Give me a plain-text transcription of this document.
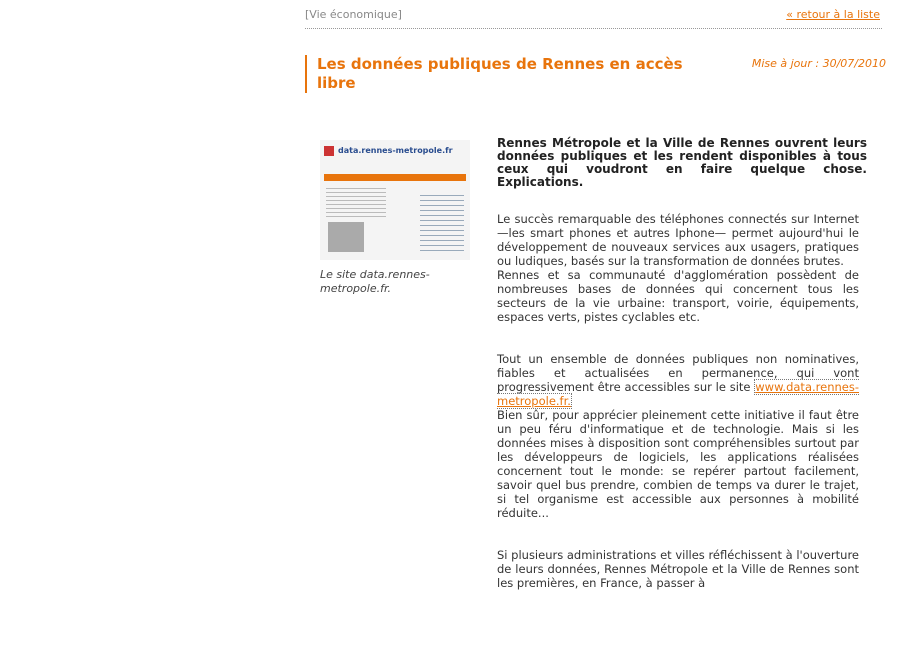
[Vie économique]	« retour à la liste
Les données publiques de Rennes en accès libre
Mise à jour : 30/07/2010
data.rennes-metropole.fr
Le site data.rennes-metropole.fr.

Rennes Métropole et la Ville de Rennes ouvrent leurs données publiques et les rendent disponibles à tous ceux qui voudront en faire quelque chose. Explications.

Le succès remarquable des téléphones connectés sur Internet —les smart phones et autres Iphone— permet aujourd'hui le développement de nouveaux services aux usagers, pratiques ou ludiques, basés sur la transformation de données brutes.
Rennes et sa communauté d'agglomération possèdent de nombreuses bases de données qui concernent tous les secteurs de la vie urbaine: transport, voirie, équipements, espaces verts, pistes cyclables etc.

Tout un ensemble de données publiques non nominatives, fiables et actualisées en permanence, qui vont progressivement être accessibles sur le site www.data.rennes-metropole.fr.
Bien sûr, pour apprécier pleinement cette initiative il faut être un peu féru d'informatique et de technologie. Mais si les données mises à disposition sont compréhensibles surtout par les développeurs de logiciels, les applications réalisées concernent tout le monde: se repérer partout facilement, savoir quel bus prendre, combien de temps va durer le trajet, si tel organisme est accessible aux personnes à mobilité réduite...

Si plusieurs administrations et villes réfléchissent à l'ouverture de leurs données, Rennes Métropole et la Ville de Rennes sont les premières, en France, à passer à
